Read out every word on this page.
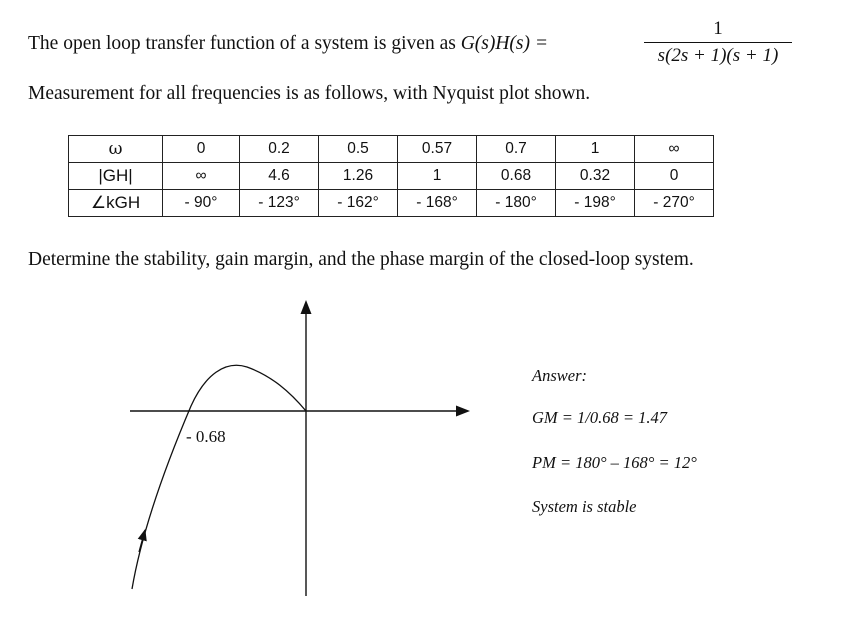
The open loop transfer function of a system is given as G(s)H(s) =
1
s(2s + 1)(s + 1)
Measurement for all frequencies is as follows, with Nyquist plot shown.
ω	0	0.2	0.5	0.57	0.7	1	∞
|GH|	∞	4.6	1.26	1	0.68	0.32	0
∠kGH	- 90°	- 123°	- 162°	- 168°	- 180°	- 198°	- 270°
Determine the stability, gain margin, and the phase margin of the closed-loop system.
- 0.68
Answer:
GM = 1/0.68 = 1.47
PM = 180° – 168° = 12°
System is stable
